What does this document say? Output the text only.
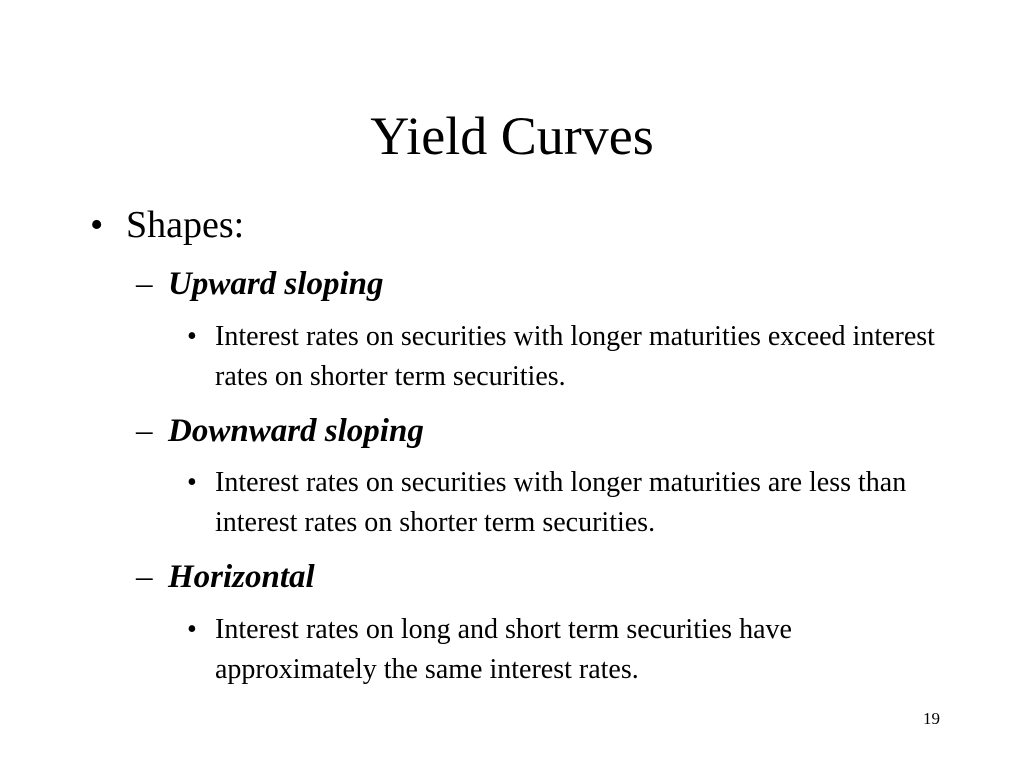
Yield Curves
• Shapes:
– Upward sloping
• Interest rates on securities with longer maturities exceed interest rates on shorter term securities.
– Downward sloping
• Interest rates on securities with longer maturities are less than interest rates on shorter term securities.
– Horizontal
• Interest rates on long and short term securities have approximately the same interest rates.
19
